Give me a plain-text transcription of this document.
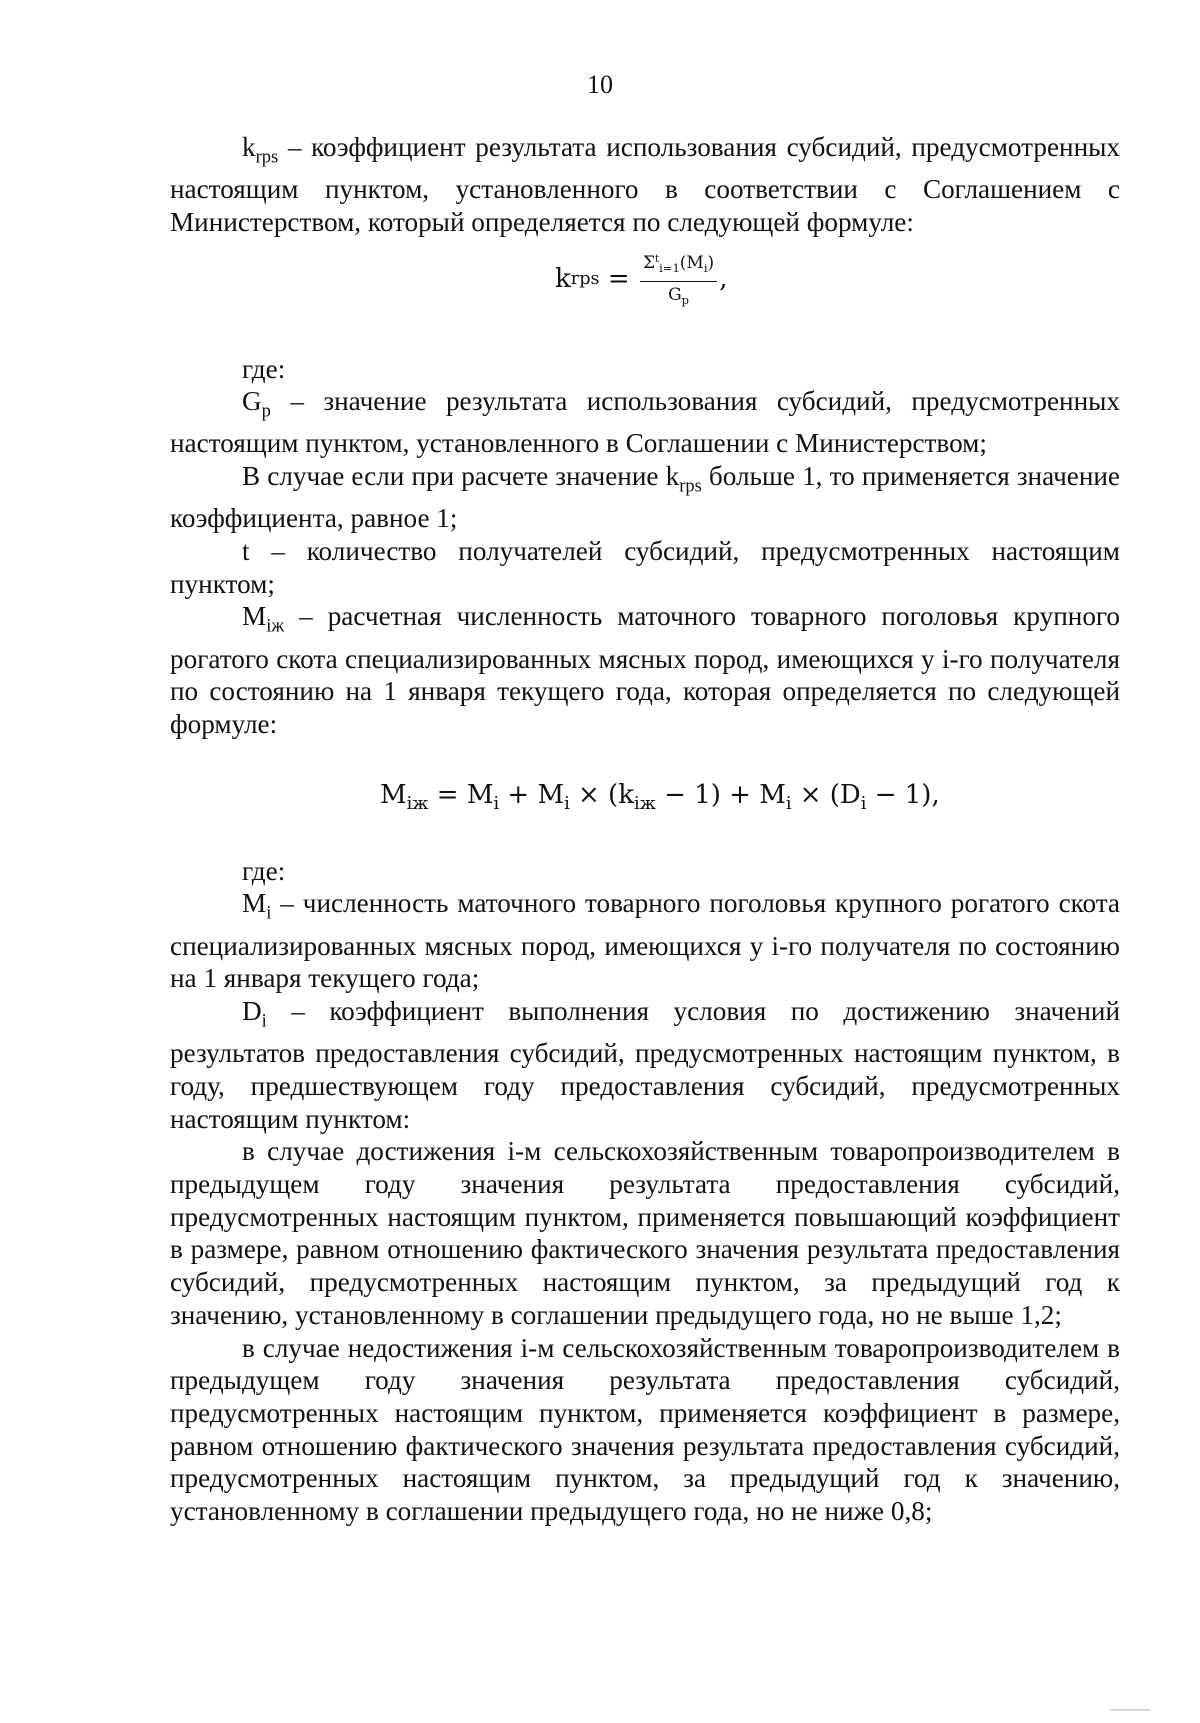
10

$k_{rps}$ – коэффициент результата использования субсидий, предусмотренных настоящим пунктом, установленного в соответствии с Соглашением с Министерством, который определяется по следующей формуле:

k rps = $\frac{\Sigma^t_{i=1}(M_i)}{G_p}$ ,

где:

$G_p$ – значение результата использования субсидий, предусмотренных настоящим пунктом, установленного в Соглашении с Министерством;

В случае если при расчете значение $k_{rps}$ больше 1, то применяется значение коэффициента, равное 1;

t – количество получателей субсидий, предусмотренных настоящим пунктом;

$M_{iж}$ – расчетная численность маточного товарного поголовья крупного рогатого скота специализированных мясных пород, имеющихся у i-го получателя по состоянию на 1 января текущего года, которая определяется по следующей формуле:

$M_{iж} = M_i + M_i \times (k_{iж} - 1) + M_i \times (D_i - 1)$,

где:

$M_i$ – численность маточного товарного поголовья крупного рогатого скота специализированных мясных пород, имеющихся у i-го получателя по состоянию на 1 января текущего года;

$D_i$ – коэффициент выполнения условия по достижению значений результатов предоставления субсидий, предусмотренных настоящим пунктом, в году, предшествующем году предоставления субсидий, предусмотренных настоящим пунктом:

в случае достижения i-м сельскохозяйственным товаропроизводителем в предыдущем году значения результата предоставления субсидий, предусмотренных настоящим пунктом, применяется повышающий коэффициент в размере, равном отношению фактического значения результата предоставления субсидий, предусмотренных настоящим пунктом, за предыдущий год к значению, установленному в соглашении предыдущего года, но не выше 1,2;

в случае недостижения i-м сельскохозяйственным товаропроизводителем в предыдущем году значения результата предоставления субсидий, предусмотренных настоящим пунктом, применяется коэффициент в размере, равном отношению фактического значения результата предоставления субсидий, предусмотренных настоящим пунктом, за предыдущий год к значению, установленному в соглашении предыдущего года, но не ниже 0,8;
